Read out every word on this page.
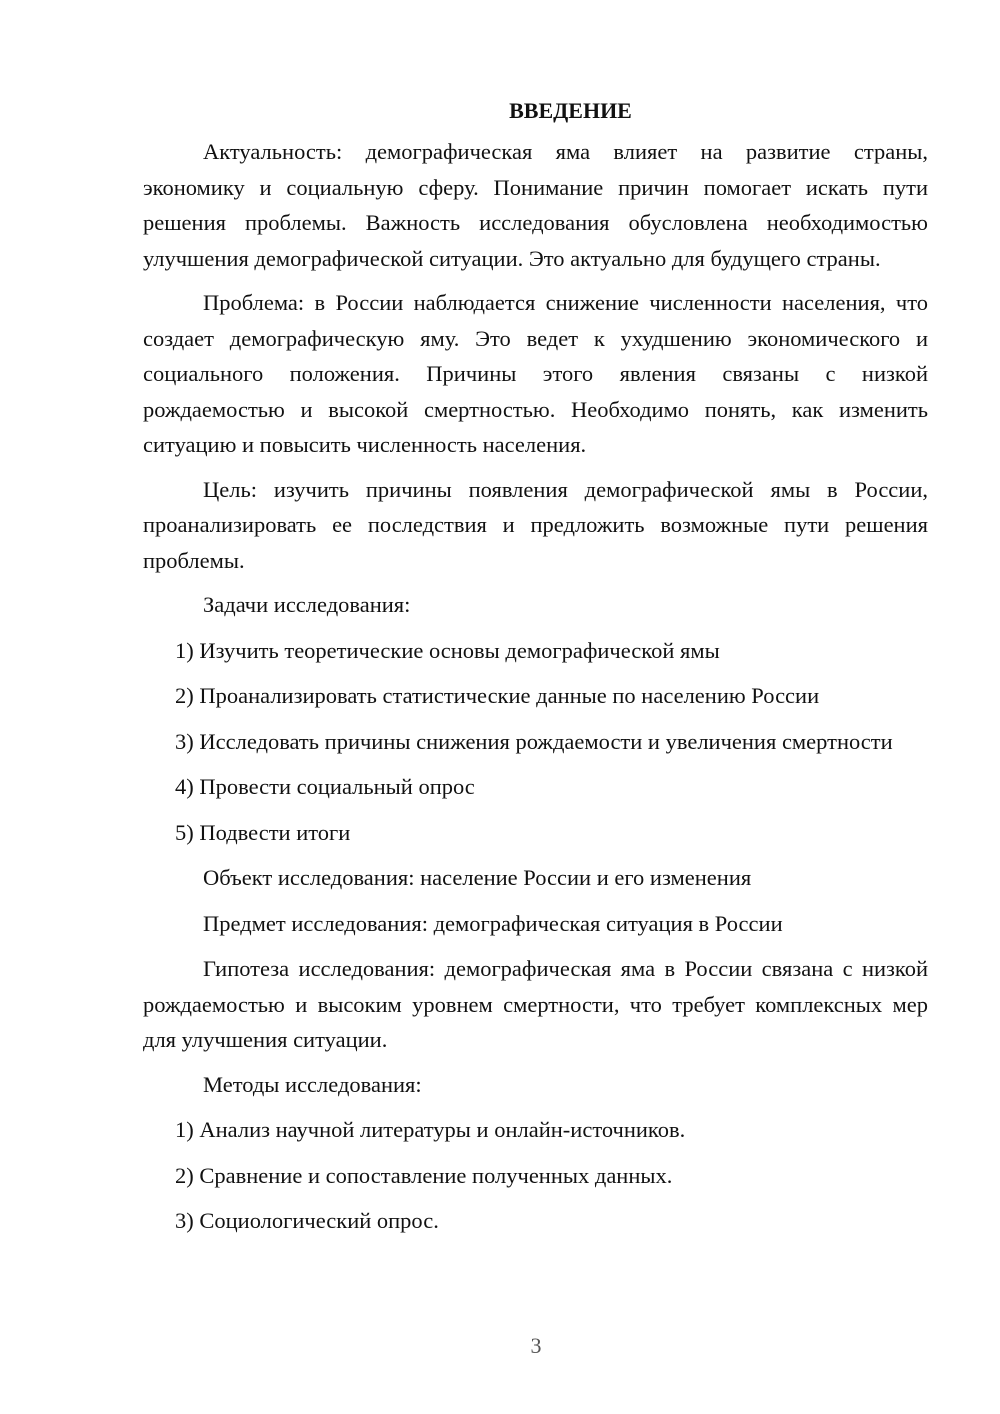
ВВЕДЕНИЕ

Актуальность: демографическая яма влияет на развитие страны, экономику и социальную сферу. Понимание причин помогает искать пути решения проблемы. Важность исследования обусловлена необходимостью улучшения демографической ситуации. Это актуально для будущего страны.

Проблема: в России наблюдается снижение численности населения, что создает демографическую яму. Это ведет к ухудшению экономического и социального положения. Причины этого явления связаны с низкой рождаемостью и высокой смертностью. Необходимо понять, как изменить ситуацию и повысить численность населения.

Цель: изучить причины появления демографической ямы в России, проанализировать ее последствия и предложить возможные пути решения проблемы.

Задачи исследования:

1) Изучить теоретические основы демографической ямы

2) Проанализировать статистические данные по населению России

3) Исследовать причины снижения рождаемости и увеличения смертности

4) Провести социальный опрос

5) Подвести итоги

Объект исследования: население России и его изменения

Предмет исследования: демографическая ситуация в России

Гипотеза исследования: демографическая яма в России связана с низкой рождаемостью и высоким уровнем смертности, что требует комплексных мер для улучшения ситуации.

Методы исследования:

1) Анализ научной литературы и онлайн-источников.

2) Сравнение и сопоставление полученных данных.

3) Социологический опрос.

3
